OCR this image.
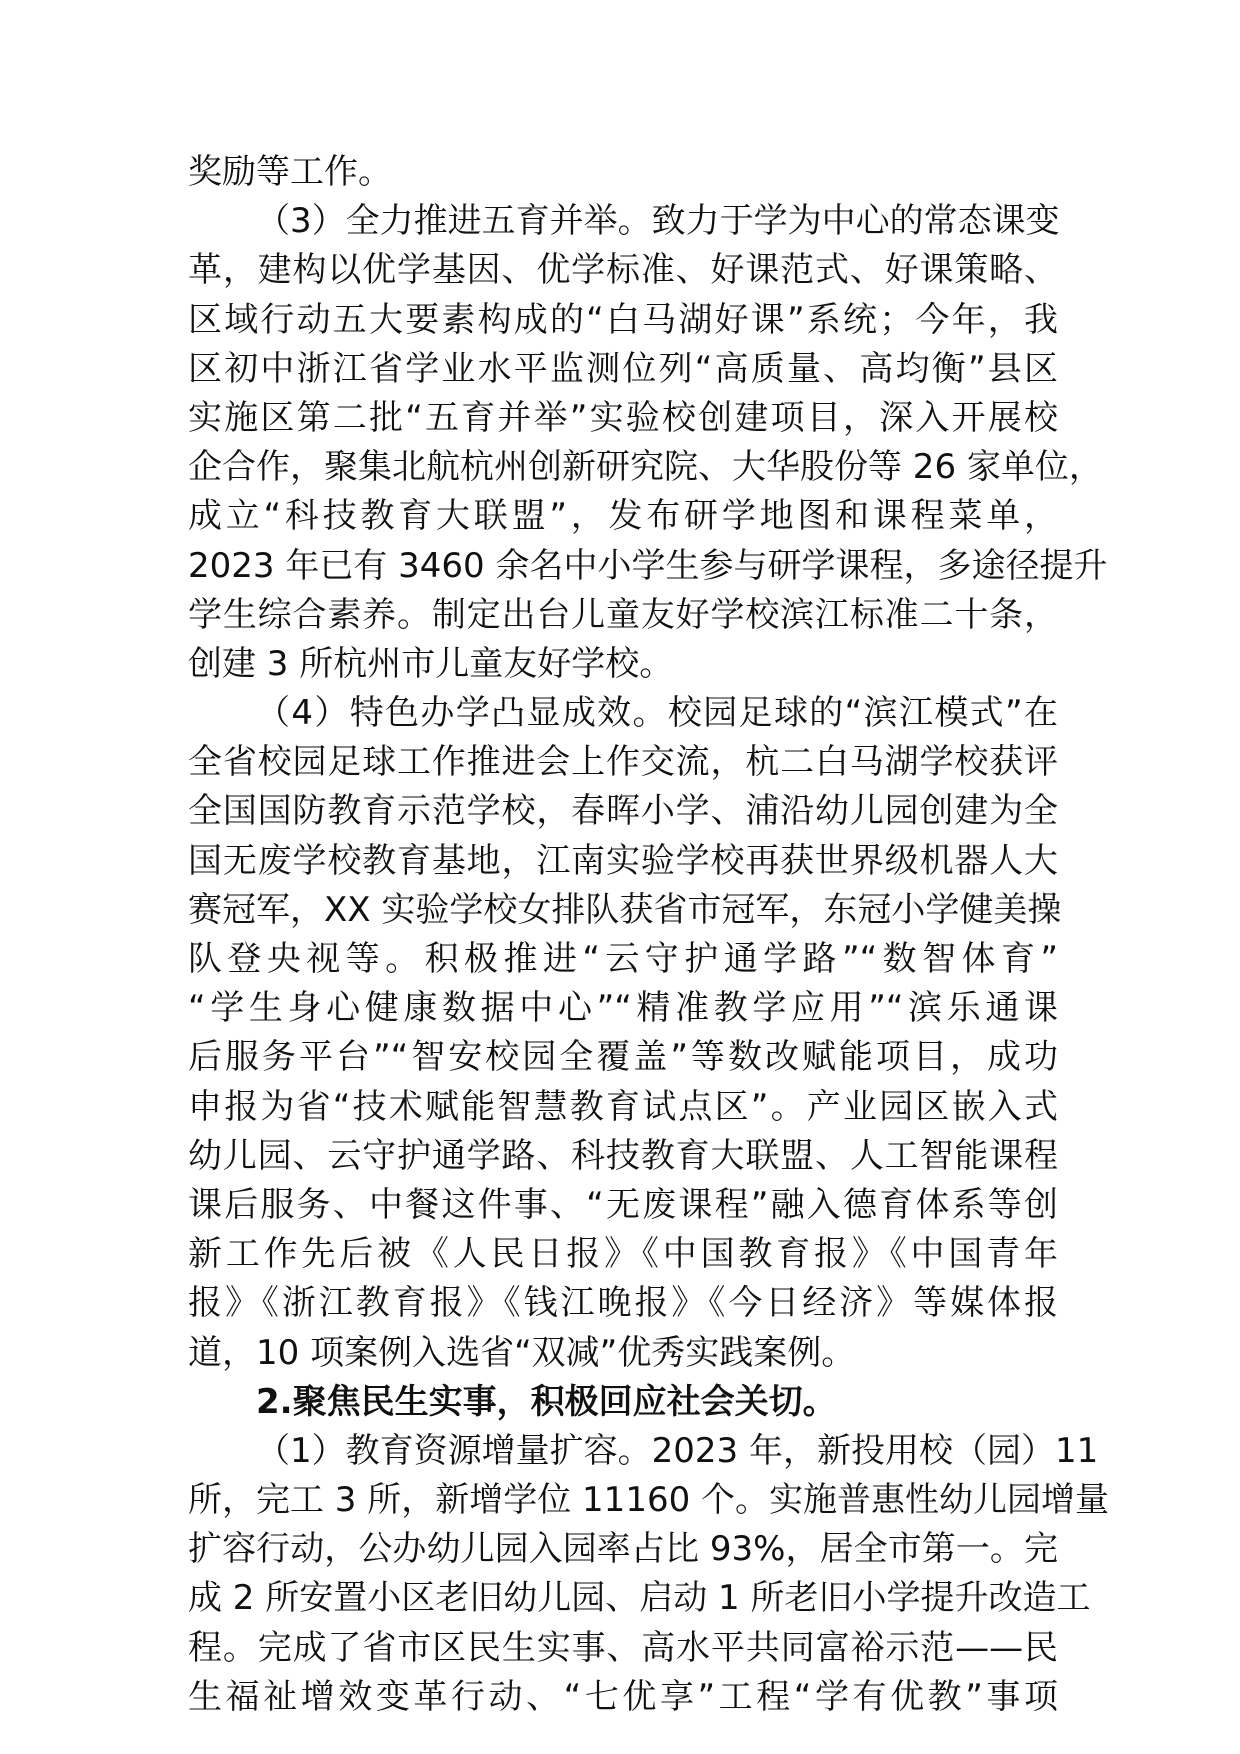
奖励等工作。
（3）全力推进五育并举。致力于学为中心的常态课变
革，建构以优学基因、优学标准、好课范式、好课策略、
区域行动五大要素构成的“白马湖好课”系统；今年，我
区初中浙江省学业水平监测位列“高质量、高均衡”县区
实施区第二批“五育并举”实验校创建项目，深入开展校
企合作，聚集北航杭州创新研究院、大华股份等 26 家单位，
成立“科技教育大联盟”，发布研学地图和课程菜单，
2023 年已有 3460 余名中小学生参与研学课程，多途径提升
学生综合素养。制定出台儿童友好学校滨江标准二十条，
创建 3 所杭州市儿童友好学校。
（4）特色办学凸显成效。校园足球的“滨江模式”在
全省校园足球工作推进会上作交流，杭二白马湖学校获评
全国国防教育示范学校，春晖小学、浦沿幼儿园创建为全
国无废学校教育基地，江南实验学校再获世界级机器人大
赛冠军，XX 实验学校女排队获省市冠军，东冠小学健美操
队登央视等。积极推进“云守护通学路”“数智体育”
“学生身心健康数据中心”“精准教学应用”“滨乐通课
后服务平台”“智安校园全覆盖”等数改赋能项目，成功
申报为省“技术赋能智慧教育试点区”。产业园区嵌入式
幼儿园、云守护通学路、科技教育大联盟、人工智能课程
课后服务、中餐这件事、“无废课程”融入德育体系等创
新工作先后被《人民日报》《中国教育报》《中国青年
报》《浙江教育报》《钱江晚报》《今日经济》等媒体报
道，10 项案例入选省“双减”优秀实践案例。
2.聚焦民生实事，积极回应社会关切。
（1）教育资源增量扩容。2023 年，新投用校（园）11
所，完工 3 所，新增学位 11160 个。实施普惠性幼儿园增量
扩容行动，公办幼儿园入园率占比 93%，居全市第一。完
成 2 所安置小区老旧幼儿园、启动 1 所老旧小学提升改造工
程。完成了省市区民生实事、高水平共同富裕示范——民
生福祉增效变革行动、“七优享”工程“学有优教”事项
